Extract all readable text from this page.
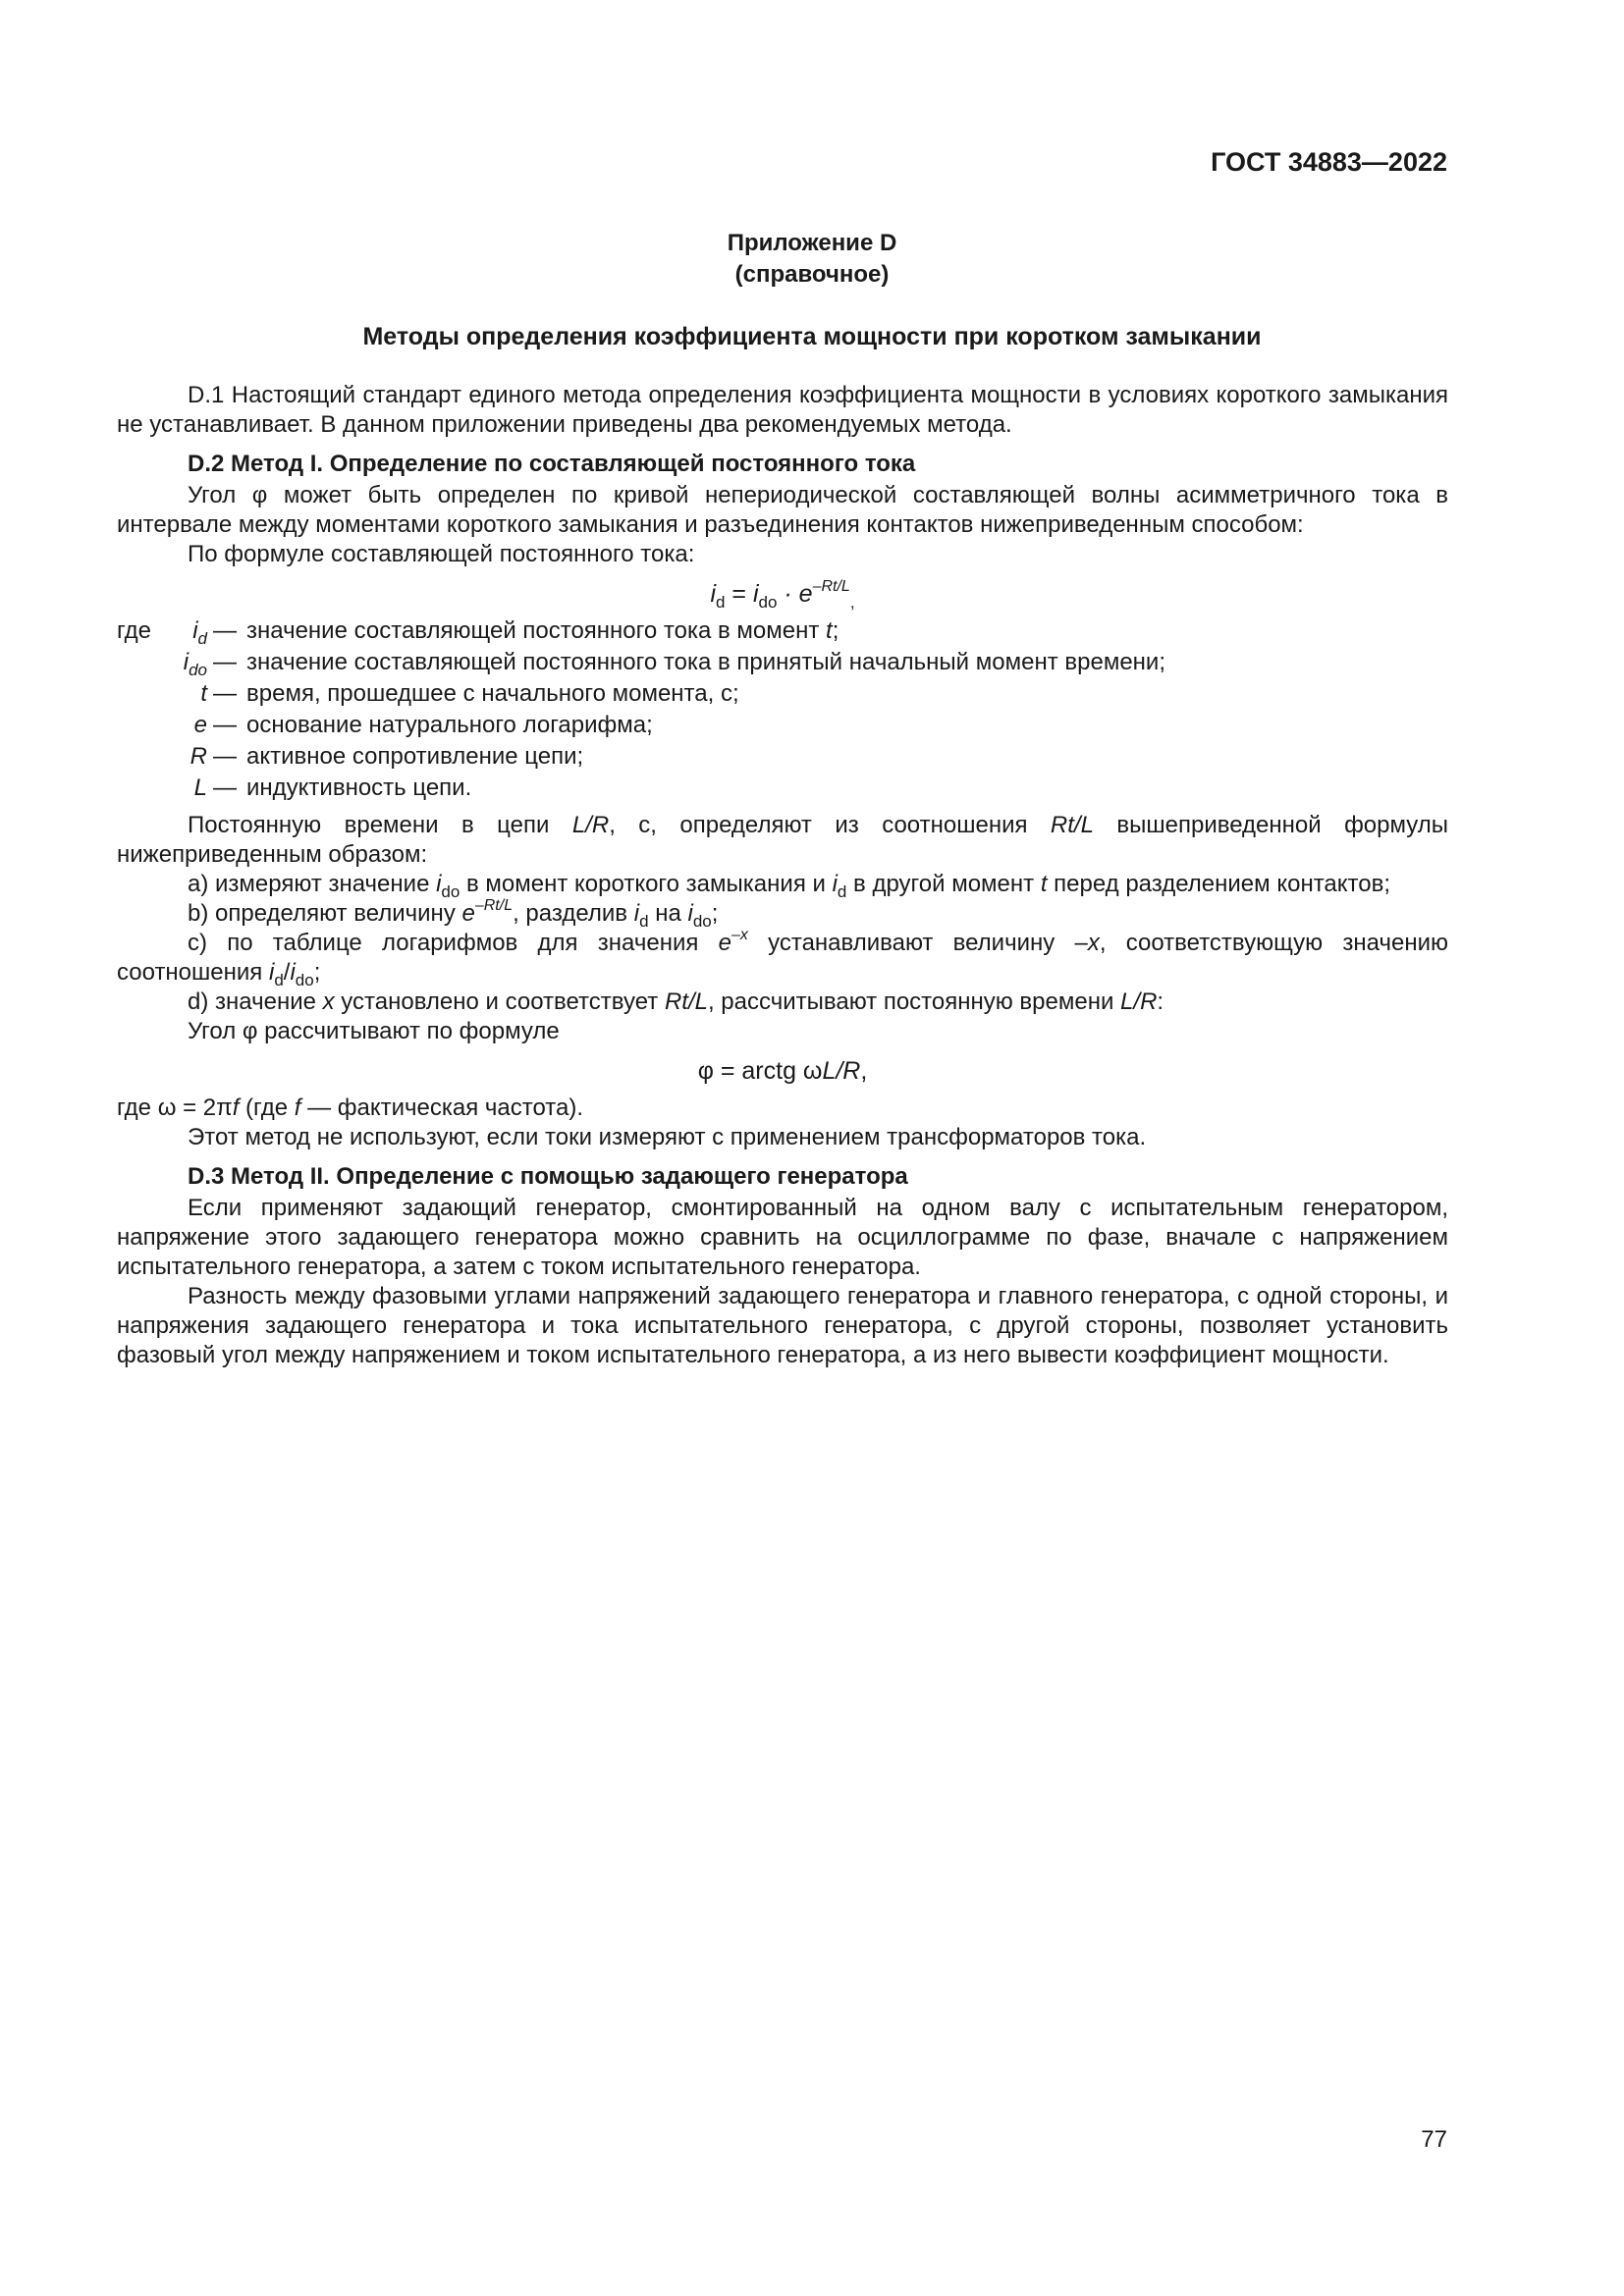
ГОСТ 34883—2022
Приложение D
(справочное)
Методы определения коэффициента мощности при коротком замыкании

D.1 Настоящий стандарт единого метода определения коэффициента мощности в условиях короткого замыкания не устанавливает. В данном приложении приведены два рекомендуемых метода.

D.2 Метод I. Определение по составляющей постоянного тока

Угол φ может быть определен по кривой непериодической составляющей волны асимметричного тока в интервале между моментами короткого замыкания и разъединения контактов нижеприведенным способом:

По формуле составляющей постоянного тока:

$i_d = i_{do} \cdot e^{-Rt/L}_,$
где	$i_d$ — значение составляющей постоянного тока в момент t;
$i_{do}$ — значение составляющей постоянного тока в принятый начальный момент времени;
t — время, прошедшее с начального момента, с;
e — основание натурального логарифма;
R — активное сопротивление цепи;
L — индуктивность цепи.

Постоянную времени в цепи L/R, с, определяют из соотношения Rt/L вышеприведенной формулы нижеприведенным образом:

a) измеряют значение $i_{do}$ в момент короткого замыкания и $i_d$ в другой момент t перед разделением контактов;
b) определяют величину $e^{-Rt/L}$, разделив $i_d$ на $i_{do}$;
c) по таблице логарифмов для значения $e^{-x}$ устанавливают величину –x, соответствующую значению соотношения $i_d/i_{do}$;
d) значение x установлено и соответствует Rt/L, рассчитывают постоянную времени L/R:

Угол φ рассчитывают по формуле

φ = arctg ωL/R,

где ω = 2πf (где f — фактическая частота).

Этот метод не используют, если токи измеряют с применением трансформаторов тока.

D.3 Метод II. Определение с помощью задающего генератора

Если применяют задающий генератор, смонтированный на одном валу с испытательным генератором, напряжение этого задающего генератора можно сравнить на осциллограмме по фазе, вначале с напряжением испытательного генератора, а затем с током испытательного генератора.

Разность между фазовыми углами напряжений задающего генератора и главного генератора, с одной стороны, и напряжения задающего генератора и тока испытательного генератора, с другой стороны, позволяет установить фазовый угол между напряжением и током испытательного генератора, а из него вывести коэффициент мощности.

77
